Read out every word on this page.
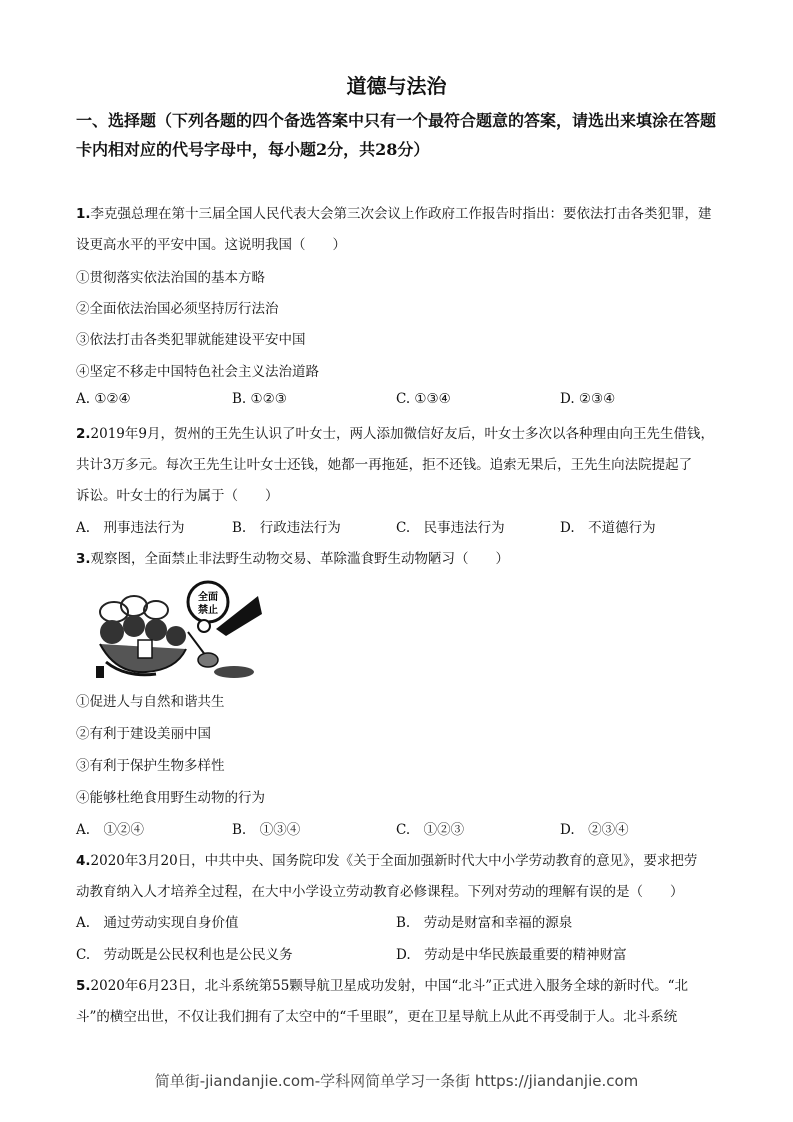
道德与法治
一、选择题（下列各题的四个备选答案中只有一个最符合题意的答案，请选出来填涂在答题卡内相对应的代号字母中，每小题2分，共28分）
1.李克强总理在第十三届全国人民代表大会第三次会议上作政府工作报告时指出：要依法打击各类犯罪，建
设更高水平的平安中国。这说明我国（　　）
①贯彻落实依法治国的基本方略
②全面依法治国必须坚持厉行法治
③依法打击各类犯罪就能建设平安中国
④坚定不移走中国特色社会主义法治道路
A. ①②④	B. ①②③	C. ①③④	D. ②③④
2.2019年9月，贺州的王先生认识了叶女士，两人添加微信好友后，叶女士多次以各种理由向王先生借钱，
共计3万多元。每次王先生让叶女士还钱，她都一再拖延，拒不还钱。追索无果后，王先生向法院提起了
诉讼。叶女士的行为属于（　　）
A.　刑事违法行为	B.　行政违法行为	C.　民事违法行为	D.　不道德行为
3.观察图，全面禁止非法野生动物交易、革除滥食野生动物陋习（　　）
全面
禁止
①促进人与自然和谐共生
②有利于建设美丽中国
③有利于保护生物多样性
④能够杜绝食用野生动物的行为
A.　①②④	B.　①③④	C.　①②③	D.　②③④
4.2020年3月20日，中共中央、国务院印发《关于全面加强新时代大中小学劳动教育的意见》，要求把劳
动教育纳入人才培养全过程，在大中小学设立劳动教育必修课程。下列对劳动的理解有误的是（　　）
A.　通过劳动实现自身价值	B.　劳动是财富和幸福的源泉
C.　劳动既是公民权利也是公民义务	D.　劳动是中华民族最重要的精神财富
5.2020年6月23日，北斗系统第55颗导航卫星成功发射，中国“北斗”正式进入服务全球的新时代。“北
斗”的横空出世，不仅让我们拥有了太空中的“千里眼”，更在卫星导航上从此不再受制于人。北斗系统
简单街-jiandanjie.com-学科网简单学习一条街 https://jiandanjie.com
